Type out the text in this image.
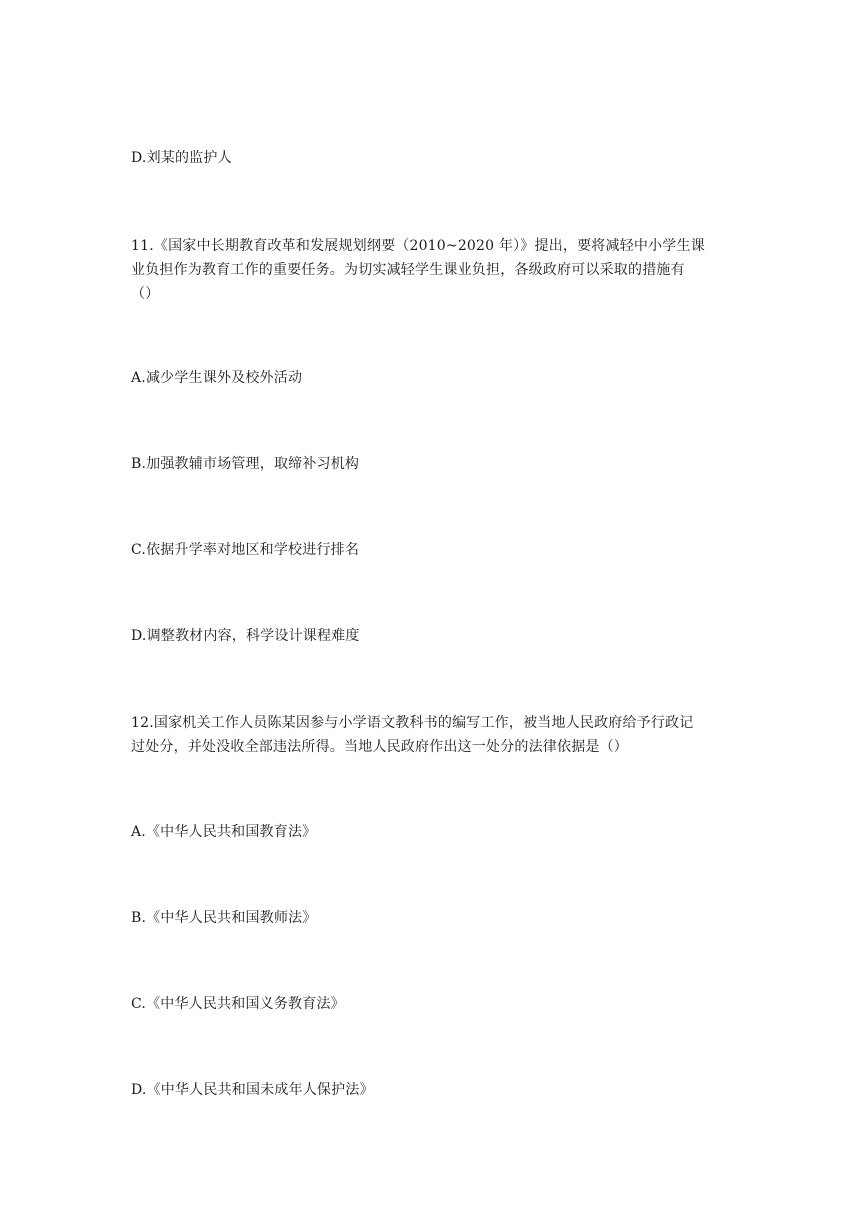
D.刘某的监护人
11.《国家中长期教育改革和发展规划纲要（2010~2020 年）》提出，要将减轻中小学生课
业负担作为教育工作的重要任务。为切实减轻学生课业负担，各级政府可以采取的措施有
（）
A.减少学生课外及校外活动
B.加强教辅市场管理，取缔补习机构
C.依据升学率对地区和学校进行排名
D.调整教材内容，科学设计课程难度
12.国家机关工作人员陈某因参与小学语文教科书的编写工作，被当地人民政府给予行政记
过处分，并处没收全部违法所得。当地人民政府作出这一处分的法律依据是（）
A.《中华人民共和国教育法》
B.《中华人民共和国教师法》
C.《中华人民共和国义务教育法》
D.《中华人民共和国未成年人保护法》
